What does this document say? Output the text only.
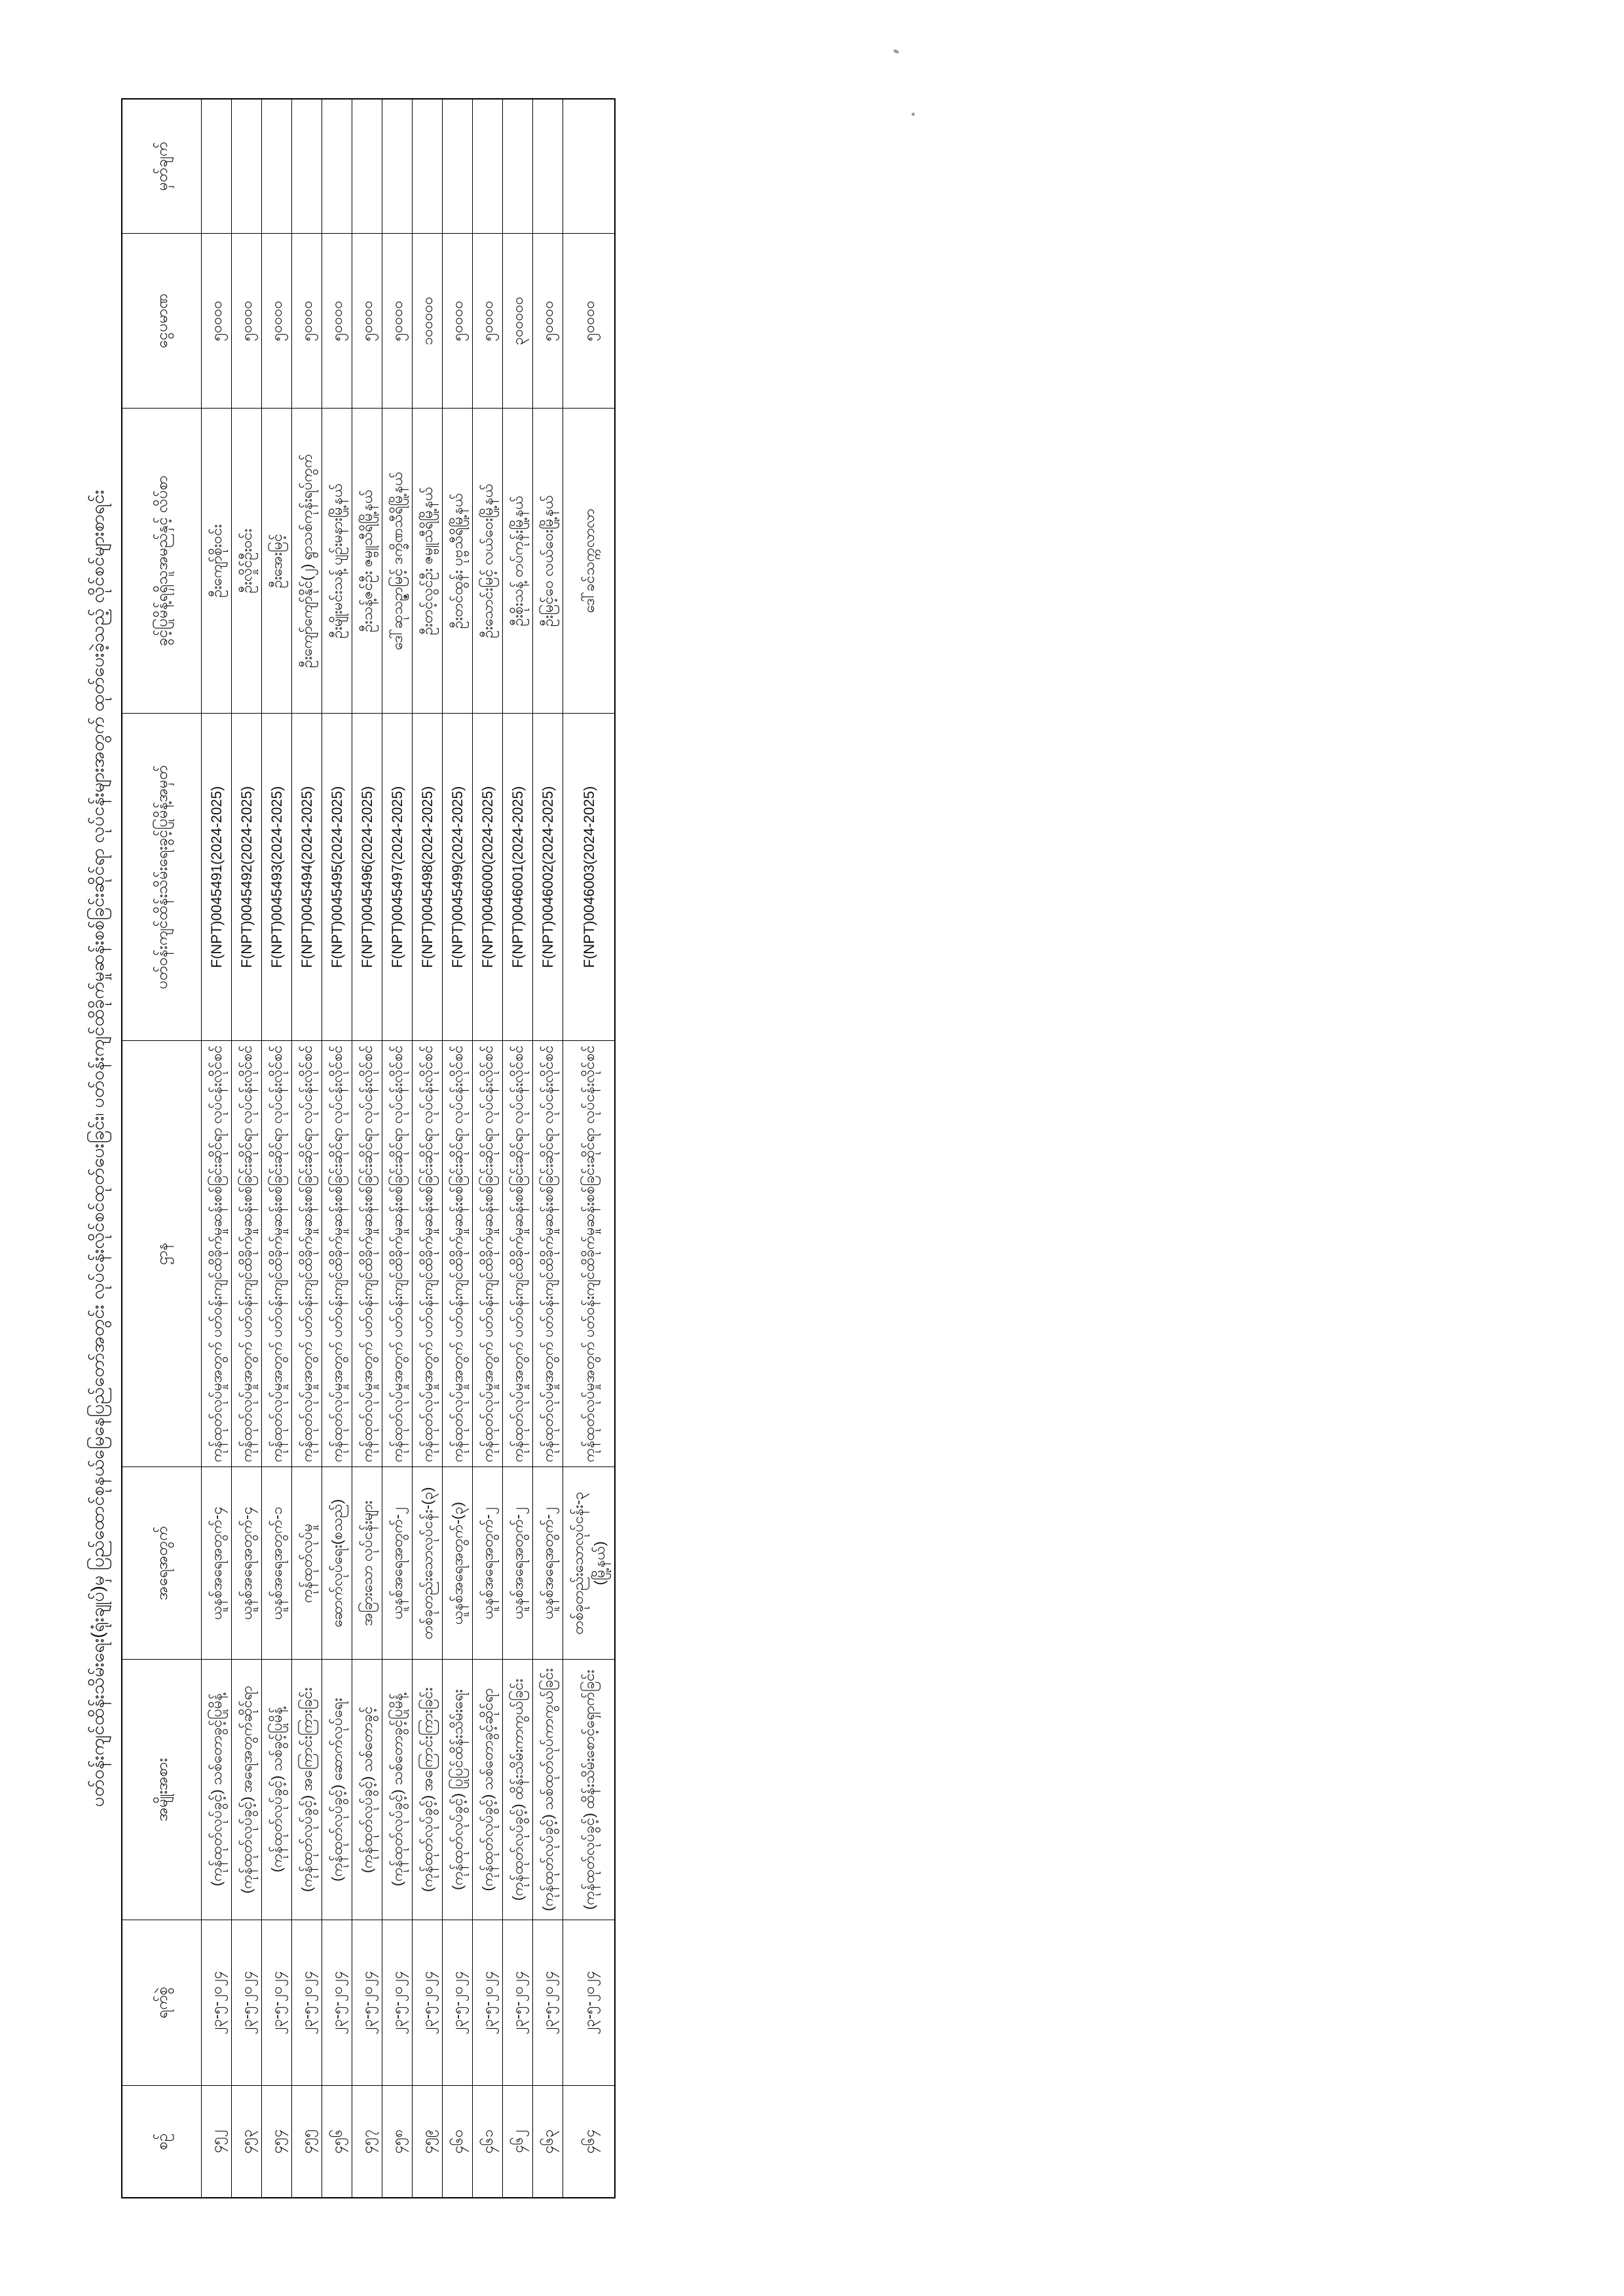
ပတ်ဝန်းကျင်ထိန်းသိမ်းရေး(ရုံးချုပ်)မှ ပြည်ထောင်စုနယ်မြေနေပြည်တော်အတွင်း လုပ်ငန်းလိုင်စင်ထုတ်ပေးခြင်း၊ ပတ်ဝန်းကျင်ထိခိုက်မှုဆန်းစစ်ခြင်းဆိုင်ရာ လုပ်ငန်းများအတွက် ထုတ်ပေးခဲ့သည့် လိုင်စင်များစာရင်း
စဉ်	ရက်စွဲ	အမျိုးအစား	အရေအတွက်	ဌာန	ပတ်ဝန်းကျင်ထိန်းသိမ်းရေးခွင့်ပြုမိန့်အမှတ်	ခွင့်ပြုမိန့်ရရှိသူအမည်နှင့် လိပ်စာ	ငွေပမာဏ	မှတ်ချက်
၄၅၂	၂၃-၅-၂၀၂၄	(ကုန်ထုတ်လုပ်ခွင့်) သစ်တောခွင့်ပြုမိန့်	ယူနစ်အရေအတွက်-၄	ကုန်ထုတ်လုပ်မှုအတွက် ပတ်ဝန်းကျင်ထိခိုက်မှုဆန်းစစ်ခြင်းဆိုင်ရာ လုပ်ငန်းလိုင်စင်	F(NPT)0045491(2024-2025)	ဦးကျော်စိုးဝင်း	၅၀၀၀၀	
၄၅၃	၂၃-၅-၂၀၂၄	(ကုန်ထုတ်လုပ်ခွင့်) အရေအတွက်ဆိုင်ရာ	ယူနစ်အရေအတွက်-၄	ကုန်ထုတ်လုပ်မှုအတွက် ပတ်ဝန်းကျင်ထိခိုက်မှုဆန်းစစ်ခြင်းဆိုင်ရာ လုပ်ငန်းလိုင်စင်	F(NPT)0045492(2024-2025)	ဦးလှိုင်ဦးဝင်း	၅၀၀၀၀	
၄၅၄	၂၃-၅-၂၀၂၄	(ကုန်ထုတ်လုပ်ခွင့်) သစ်ခွင့်ပြုမိန့်	ယူနစ်အရေအတွက်-၁	ကုန်ထုတ်လုပ်မှုအတွက် ပတ်ဝန်းကျင်ထိခိုက်မှုဆန်းစစ်ခြင်းဆိုင်ရာ လုပ်ငန်းလိုင်စင်	F(NPT)0045493(2024-2025)	ဦးအေးမြင့်	၅၀၀၀၀	
၄၅၅	၂၃-၅-၂၀၂၄	(ကုန်ထုတ်လုပ်ခွင့်) အကြောင်းကြားခြင်း	ကုန်ထုတ်လုပ်မှု	ကုန်ထုတ်လုပ်မှုအတွက် ပတ်ဝန်းကျင်ထိခိုက်မှုဆန်းစစ်ခြင်းဆိုင်ရာ လုပ်ငန်းလိုင်စင်	F(NPT)0045494(2024-2025)	ဦးကျော်ကျော်နိုင်(၂) ရွာသစ်ကုန်းရပ်ကွက်	၅၀၀၀၀	
၄၅၆	၂၃-၅-၂၀၂၄	(ကုန်ထုတ်လုပ်ခွင့်) ဆောက်လုပ်ရေး	ဆောက်လုပ်ရေး(စသည်)	ကုန်ထုတ်လုပ်မှုအတွက် ပတ်ဝန်းကျင်ထိခိုက်မှုဆန်းစစ်ခြင်းဆိုင်ရာ လုပ်ငန်းလိုင်စင်	F(NPT)0045495(2024-2025)	ဦးမျိုးမင်းသန့် ပျဉ်းမနားမြို့နယ်	၅၀၀၀၀	
၄၅၇	၂၃-၅-၂၀၂၄	(ကုန်ထုတ်လုပ်ခွင့်) သစ်တောခွင့်	အခြားသော လုပ်ငန်းများ	ကုန်ထုတ်လုပ်မှုအတွက် ပတ်ဝန်းကျင်ထိခိုက်မှုဆန်းစစ်ခြင်းဆိုင်ရာ လုပ်ငန်းလိုင်စင်	F(NPT)0045496(2024-2025)	ဦးသန့်ဇင်ဦး ဇမ္ဗူသီရိမြို့နယ်	၅၀၀၀၀	
၄၅၈	၂၃-၅-၂၀၂၄	(ကုန်ထုတ်လုပ်ခွင့်) သစ်တောခွင့်ပြုမိန့်	ယူနစ်အရေအတွက်-၂	ကုန်ထုတ်လုပ်မှုအတွက် ပတ်ဝန်းကျင်ထိခိုက်မှုဆန်းစစ်ခြင်းဆိုင်ရာ လုပ်ငန်းလိုင်စင်	F(NPT)0045497(2024-2025)	ဒေါ်ဆုသဉ္ဇာမြင့် ဒက္ခိဏသီရိမြို့နယ်	၅၀၀၀၀	
၄၅၉	၂၃-၅-၂၀၂၄	(ကုန်ထုတ်လုပ်ခွင့်) အကြောင်းကြားခြင်း	တစ်ခုတည်းသောလုပ်ငန်း-(၃)	ကုန်ထုတ်လုပ်မှုအတွက် ပတ်ဝန်းကျင်ထိခိုက်မှုဆန်းစစ်ခြင်းဆိုင်ရာ လုပ်ငန်းလိုင်စင်	F(NPT)0045498(2024-2025)	ဦးတင့်လွင်ဦး ဇမ္ဗူသီရိမြို့နယ်	၁၀၀၀၀၀	
၄၆၀	၂၃-၅-၂၀၂၄	(ကုန်ထုတ်လုပ်ခွင့်) ပြုပြင်ထိန်းသိမ်းရေး	ယူနစ်အရေအတွက်-(၃)	ကုန်ထုတ်လုပ်မှုအတွက် ပတ်ဝန်းကျင်ထိခိုက်မှုဆန်းစစ်ခြင်းဆိုင်ရာ လုပ်ငန်းလိုင်စင်	F(NPT)0045499(2024-2025)	ဦးတင်ထွန်း ပုဗ္ဗသီရိမြို့နယ်	၅၀၀၀၀	
၄၆၁	၂၃-၅-၂၀၂၄	(ကုန်ထုတ်လုပ်ခွင့်) သစ်တောခွင့်ဆိုင်ရာ	ယူနစ်အရေအတွက်-၂	ကုန်ထုတ်လုပ်မှုအတွက် ပတ်ဝန်းကျင်ထိခိုက်မှုဆန်းစစ်ခြင်းဆိုင်ရာ လုပ်ငန်းလိုင်စင်	F(NPT)0046000(2024-2025)	ဦးသောင်းမြင့် လယ်ဝေးမြို့နယ်	၅၀၀၀၀	
၄၆၂	၂၃-၅-၂၀၂၄	(ကုန်ထုတ်လုပ်ခွင့်) ထိန်းသိမ်းကာကွယ်ခြင်း	ယူနစ်အရေအတွက်-၂	ကုန်ထုတ်လုပ်မှုအတွက် ပတ်ဝန်းကျင်ထိခိုက်မှုဆန်းစစ်ခြင်းဆိုင်ရာ လုပ်ငန်းလိုင်စင်	F(NPT)0046001(2024-2025)	ဦးစိုးသန့် တပ်ကုန်းမြို့နယ်	၃၀၀၀၀၀	
၄၆၃	၂၃-၅-၂၀၂၄	(ကုန်ထုတ်လုပ်ခွင့်) သစ်ထုတ်လုပ်ကာကွယ်ခြင်း	ယူနစ်အရေအတွက်-၂	ကုန်ထုတ်လုပ်မှုအတွက် ပတ်ဝန်းကျင်ထိခိုက်မှုဆန်းစစ်ခြင်းဆိုင်ရာ လုပ်ငန်းလိုင်စင်	F(NPT)0046002(2024-2025)	ဦးမြင့်ဝေ လယ်ဝေးမြို့နယ်	၅၀၀၀၀	
၄၆၄	၂၃-၅-၂၀၂၄	(ကုန်ထုတ်လုပ်ခွင့်) ထိန်းသိမ်းစောင့်ရှောက်ခြင်း	တစ်ခုတည်းသောလုပ်ငန်း-၃ (မြို့နယ်)	ကုန်ထုတ်လုပ်မှုအတွက် ပတ်ဝန်းကျင်ထိခိုက်မှုဆန်းစစ်ခြင်းဆိုင်ရာ လုပ်ငန်းလိုင်စင်	F(NPT)0046003(2024-2025)	ဒေါ်ခင်သက္ကလာလာ	၅၀၀၀၀	
